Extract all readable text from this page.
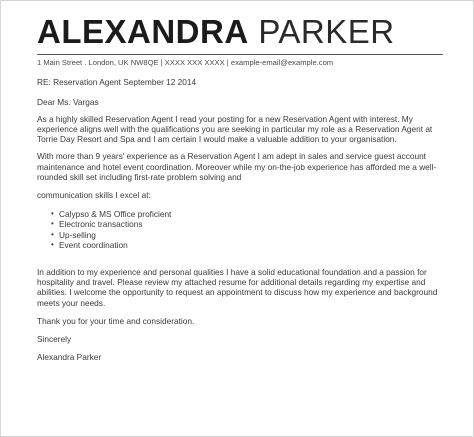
ALEXANDRA PARKER
1 Main Street . London, UK NW8QE | XXXX XXX XXXX | example-email@example.com

RE: Reservation Agent September 12 2014

Dear Ms. Vargas

As a highly skilled Reservation Agent I read your posting for a new Reservation Agent with interest. My experience aligns well with the qualifications you are seeking in particular my role as a Reservation Agent at Torrie Day Resort and Spa and I am certain I would make a valuable addition to your organisation.

With more than 9 years' experience as a Reservation Agent I am adept in sales and service guest account maintenance and hotel event coordination. Moreover while my on-the-job experience has afforded me a well-rounded skill set including first-rate problem solving and

communication skills I excel at:

• Calypso & MS Office proficient
• Electronic transactions
• Up-selling
• Event coordination

In addition to my experience and personal qualities I have a solid educational foundation and a passion for hospitality and travel. Please review my attached resume for additional details regarding my expertise and abilities. I welcome the opportunity to request an appointment to discuss how my experience and background meets your needs.

Thank you for your time and consideration.

Sincerely

Alexandra Parker
